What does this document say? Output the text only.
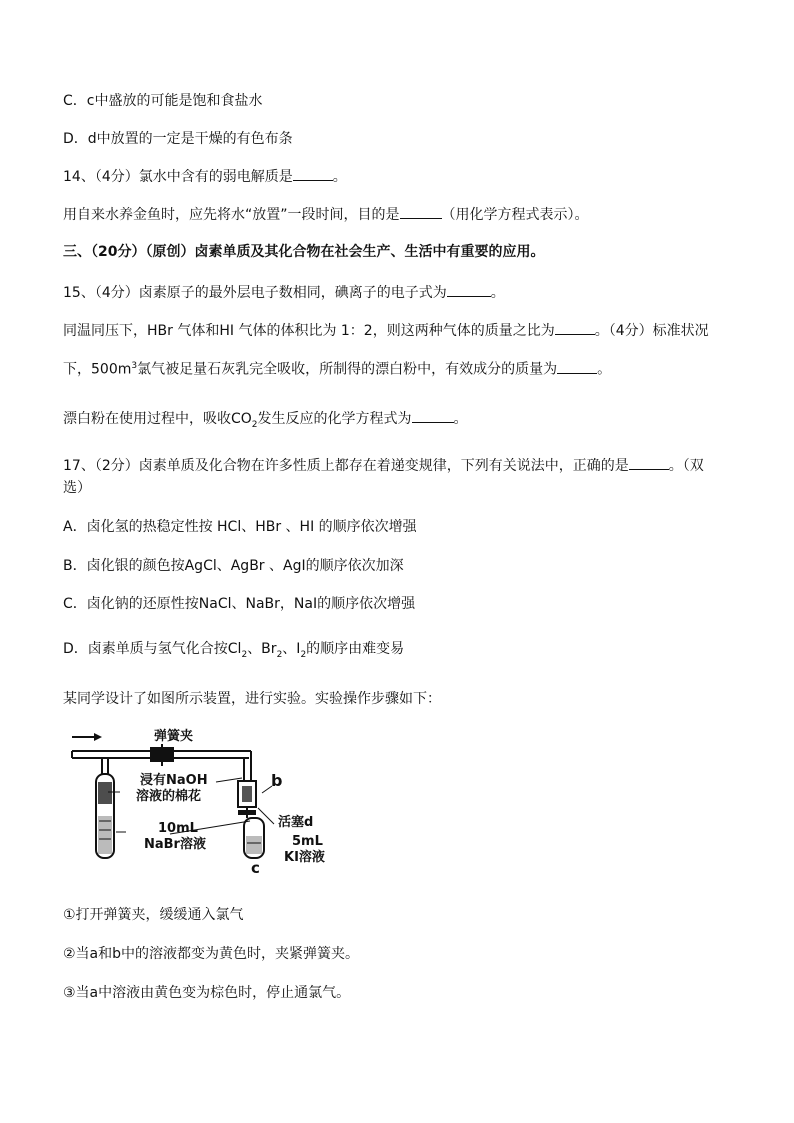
C．c中盛放的可能是饱和食盐水
D．d中放置的一定是干燥的有色布条
14、（4分）氯水中含有的弱电解质是	。
用自来水养金鱼时，应先将水“放置”一段时间，目的是	（用化学方程式表示）。
三、（20分）（原创）卤素单质及其化合物在社会生产、生活中有重要的应用。
15、（4分）卤素原子的最外层电子数相同，碘离子的电子式为	。
同温同压下，HBr 气体和HI 气体的体积比为 1：2，则这两种气体的质量之比为	。（4分）标准状况
下，$500m^3$氯气被足量石灰乳完全吸收，所制得的漂白粉中，有效成分的质量为	。
漂白粉在使用过程中，吸收$CO_2$发生反应的化学方程式为	。
17、（2分）卤素单质及化合物在许多性质上都存在着递变规律，下列有关说法中，正确的是	。（双
选）
A．卤化氢的热稳定性按 HCl、HBr 、HI 的顺序依次增强
B．卤化银的颜色按AgCl、AgBr 、AgI的顺序依次加深
C．卤化钠的还原性按NaCl、NaBr，NaI的顺序依次增强
D．卤素单质与氢气化合按$Cl_2$、$Br_2$、$I_2$的顺序由难变易
某同学设计了如图所示装置，进行实验。实验操作步骤如下：
弹簧夹
浸有NaOH
溶液的棉花
b
活塞d
10mL
NaBr溶液	5mL
KI溶液
c
①打开弹簧夹，缓缓通入氯气
②当a和b中的溶液都变为黄色时，夹紧弹簧夹。
③当a中溶液由黄色变为棕色时，停止通氯气。
